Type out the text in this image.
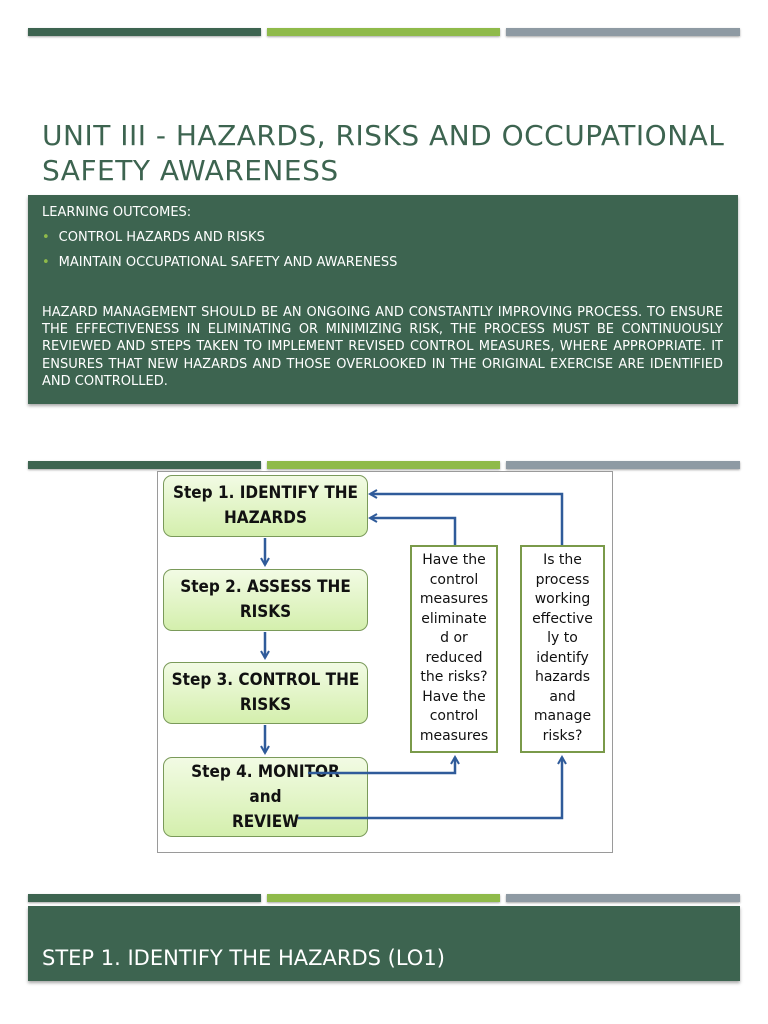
UNIT III - HAZARDS, RISKS AND OCCUPATIONAL SAFETY AWARENESS
LEARNING OUTCOMES:
• CONTROL HAZARDS AND RISKS
• MAINTAIN OCCUPATIONAL SAFETY AND AWARENESS
HAZARD MANAGEMENT SHOULD BE AN ONGOING AND CONSTANTLY IMPROVING PROCESS. TO ENSURE THE EFFECTIVENESS IN ELIMINATING OR MINIMIZING RISK, THE PROCESS MUST BE CONTINUOUSLY REVIEWED AND STEPS TAKEN TO IMPLEMENT REVISED CONTROL MEASURES, WHERE APPROPRIATE. IT ENSURES THAT NEW HAZARDS AND THOSE OVERLOOKED IN THE ORIGINAL EXERCISE ARE IDENTIFIED AND CONTROLLED.
Step 1. IDENTIFY THE
HAZARDS
Step 2. ASSESS THE
RISKS
Step 3. CONTROL THE
RISKS
Step 4. MONITOR
and
REVIEW
Have the
control
measures
eliminate
d or
reduced
the risks?
Have the
control
measures
Is the
process
working
effective
ly to
identify
hazards
and
manage
risks?
STEP 1. IDENTIFY THE HAZARDS (LO1)
